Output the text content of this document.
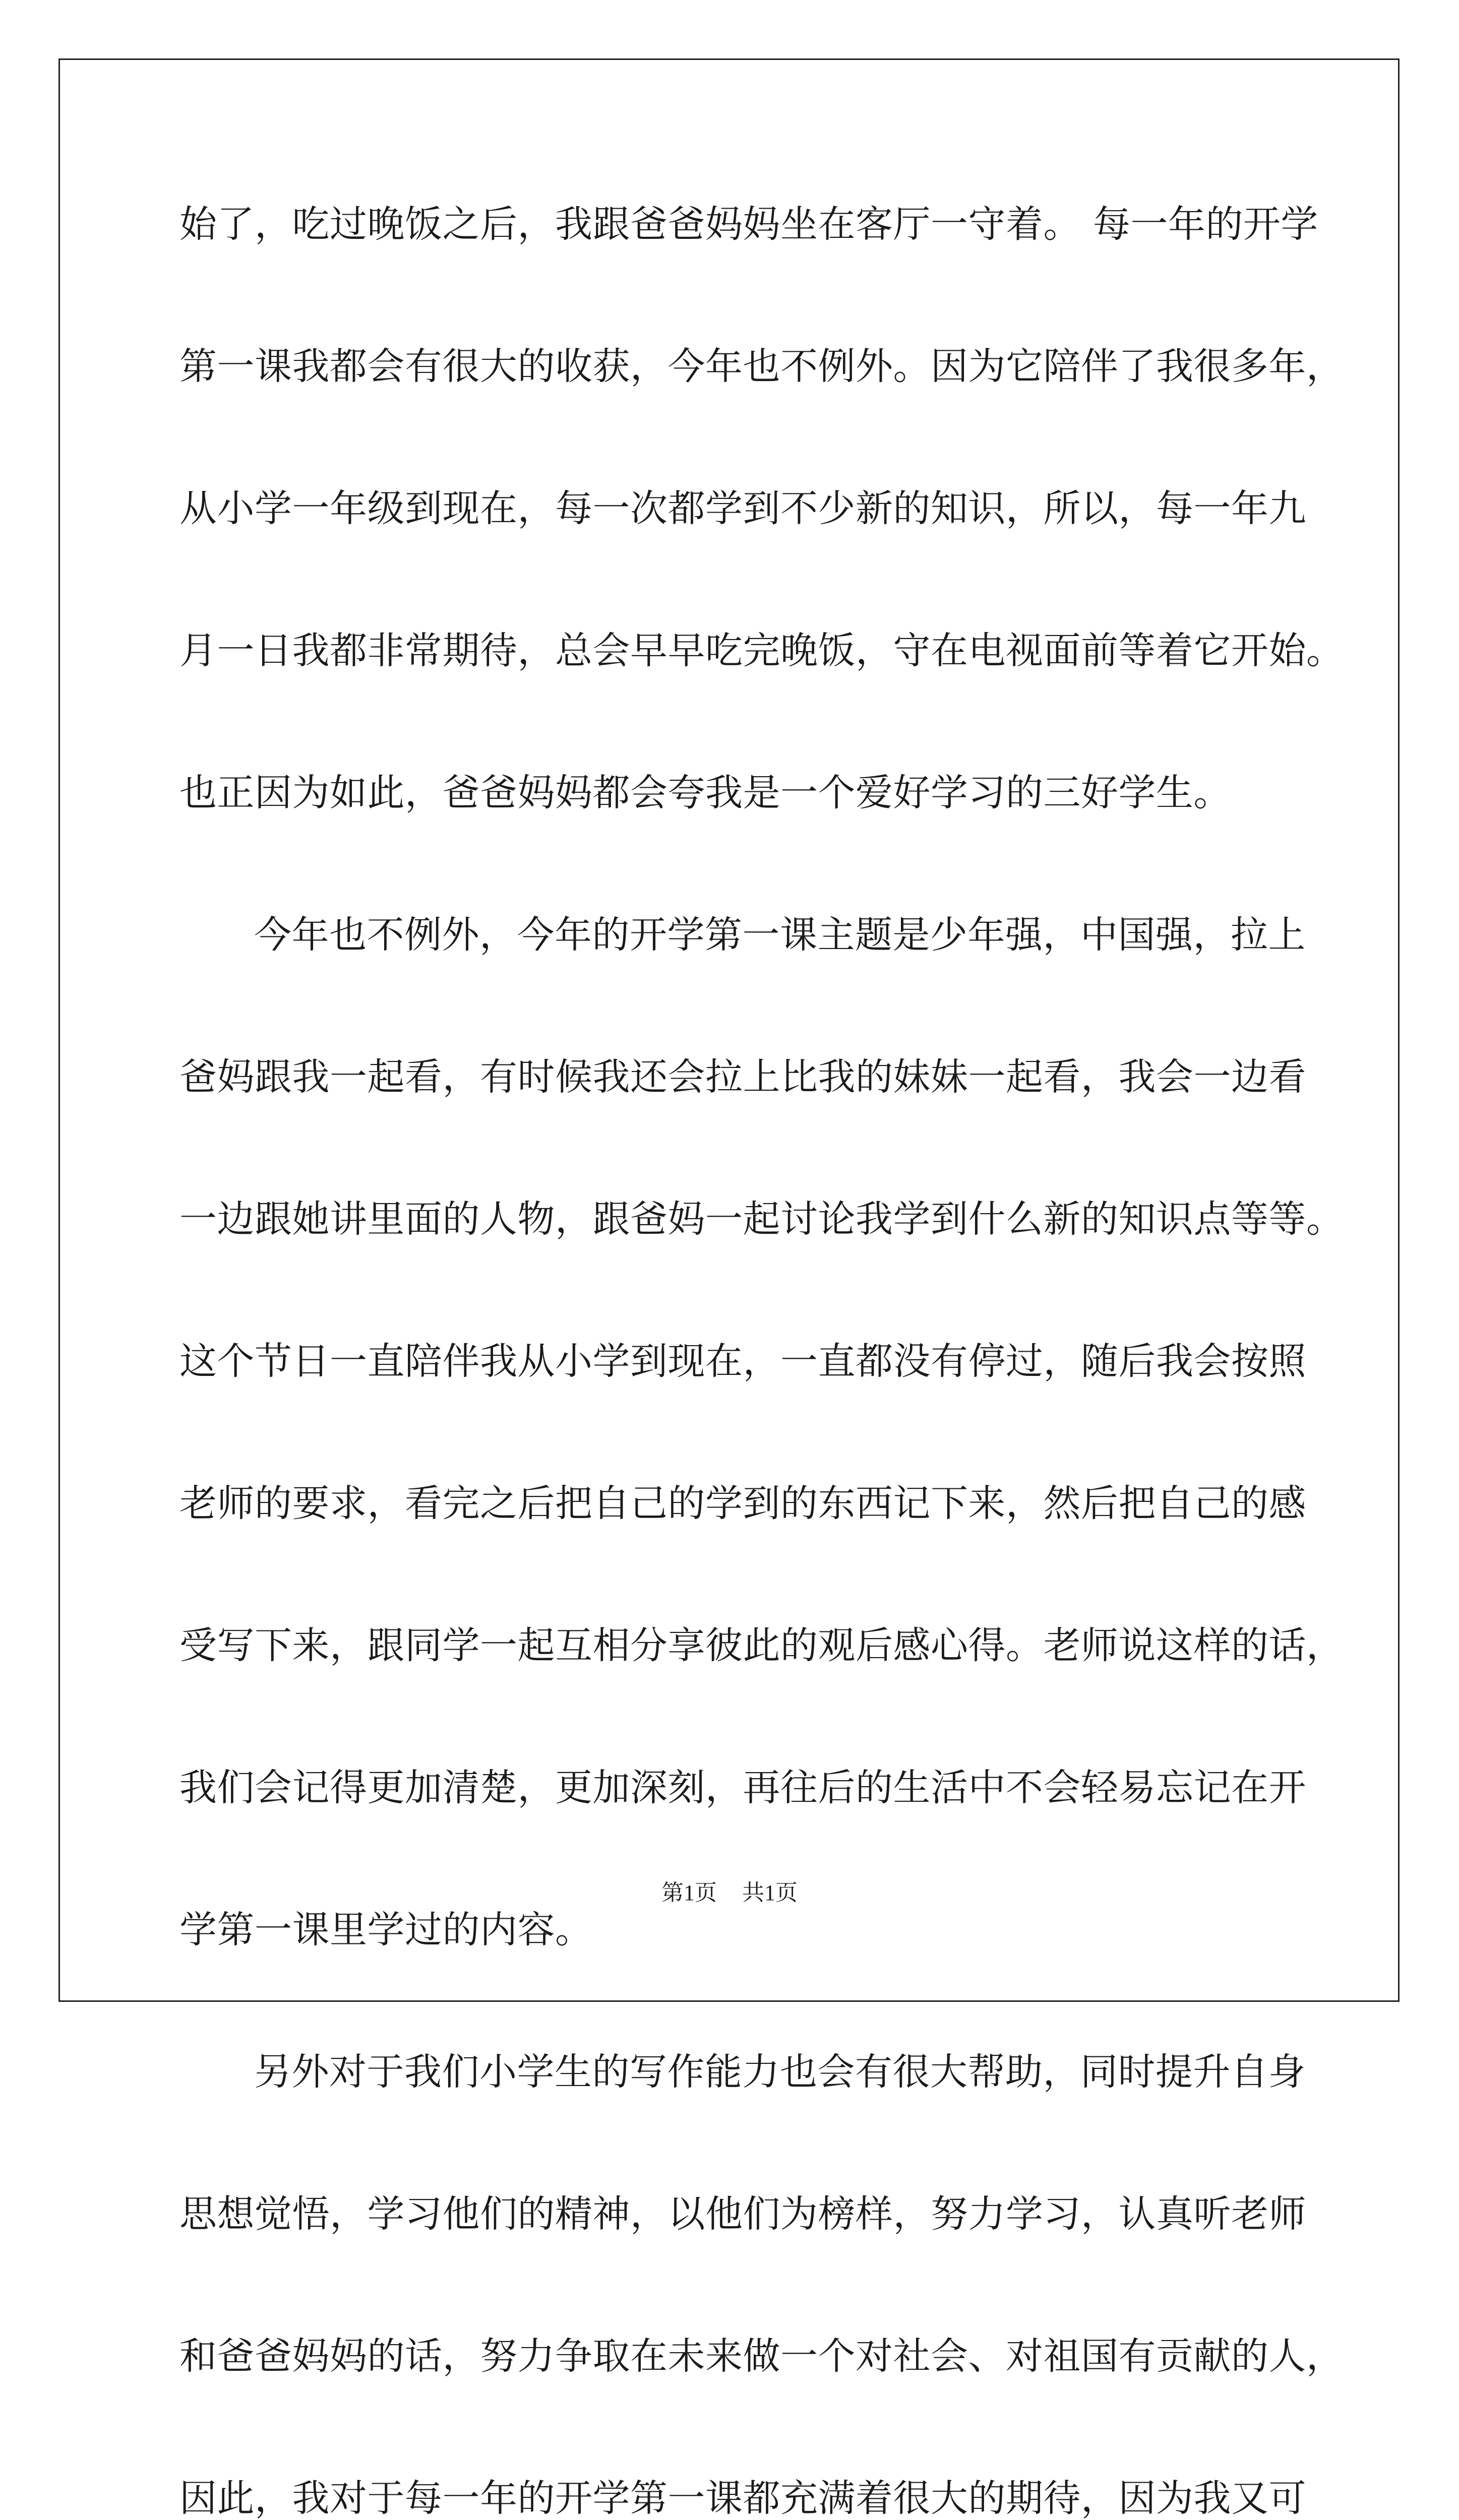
始了，吃过晚饭之后，我跟爸爸妈妈坐在客厅一守着。 每一年的开学
第一课我都会有很大的收获，今年也不例外。因为它陪伴了我很多年，
从小学一年级到现在，每一次都学到不少新的知识，所以，每一年九
月一日我都非常期待，总会早早吃完晚饭，守在电视面前等着它开始。
也正因为如此，爸爸妈妈都会夸我是一个爱好学习的三好学生。
今年也不例外，今年的开学第一课主题是少年强，中国强，拉上
爸妈跟我一起看，有时候我还会拉上比我的妹妹一起看，我会一边看
一边跟她讲里面的人物，跟爸妈一起讨论我学到什么新的知识点等等。
这个节日一直陪伴我从小学到现在，一直都没有停过，随后我会按照
老师的要求，看完之后把自己的学到的东西记下来，然后把自己的感
受写下来，跟同学一起互相分享彼此的观后感心得。老师说这样的话，
我们会记得更加清楚，更加深刻，再往后的生活中不会轻易忘记在开
学第一课里学过的内容。
另外对于我们小学生的写作能力也会有很大帮助，同时提升自身
思想觉悟，学习他们的精神，以他们为榜样，努力学习，认真听老师
和爸爸妈妈的话，努力争取在未来做一个对社会、对祖国有贡献的人，
因此，我对于每一年的开学第一课都充满着很大的期待，因为我又可
第1页 共1页
